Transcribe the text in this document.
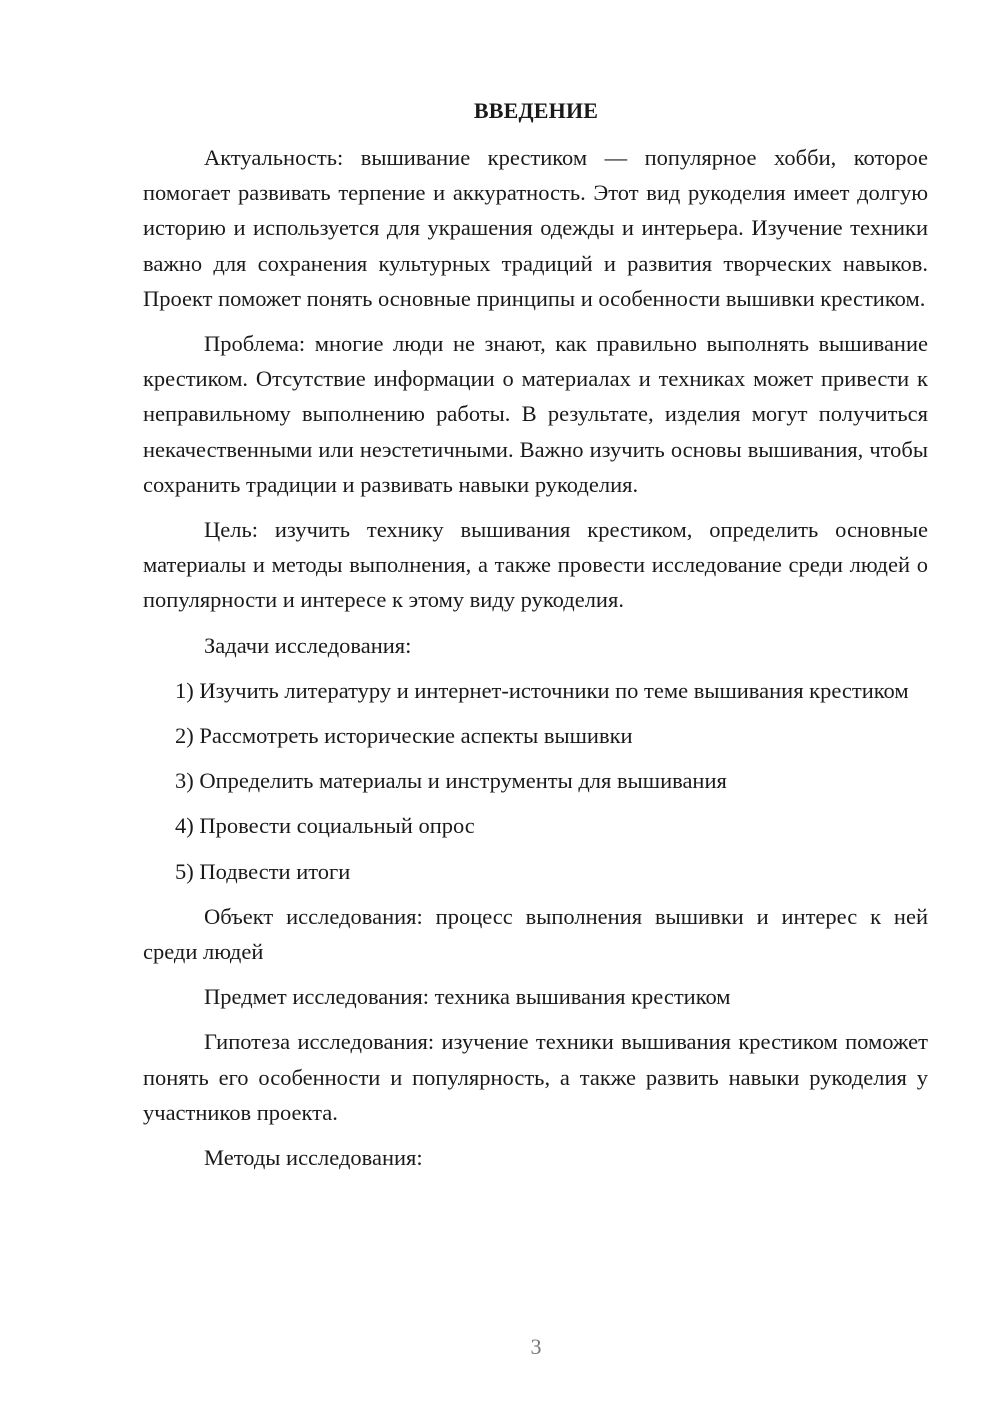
ВВЕДЕНИЕ

Актуальность: вышивание крестиком — популярное хобби, которое помогает развивать терпение и аккуратность. Этот вид рукоделия имеет долгую историю и используется для украшения одежды и интерьера. Изучение техники важно для сохранения культурных традиций и развития творческих навыков. Проект поможет понять основные принципы и особенности вышивки крестиком.

Проблема: многие люди не знают, как правильно выполнять вышивание крестиком. Отсутствие информации о материалах и техниках может привести к неправильному выполнению работы. В результате, изделия могут получиться некачественными или неэстетичными. Важно изучить основы вышивания, чтобы сохранить традиции и развивать навыки рукоделия.

Цель: изучить технику вышивания крестиком, определить основные материалы и методы выполнения, а также провести исследование среди людей о популярности и интересе к этому виду рукоделия.

Задачи исследования:

1) Изучить литературу и интернет-источники по теме вышивания крестиком

2) Рассмотреть исторические аспекты вышивки

3) Определить материалы и инструменты для вышивания

4) Провести социальный опрос

5) Подвести итоги

Объект исследования: процесс выполнения вышивки и интерес к ней среди людей

Предмет исследования: техника вышивания крестиком

Гипотеза исследования: изучение техники вышивания крестиком поможет понять его особенности и популярность, а также развить навыки рукоделия у участников проекта.

Методы исследования:

3
